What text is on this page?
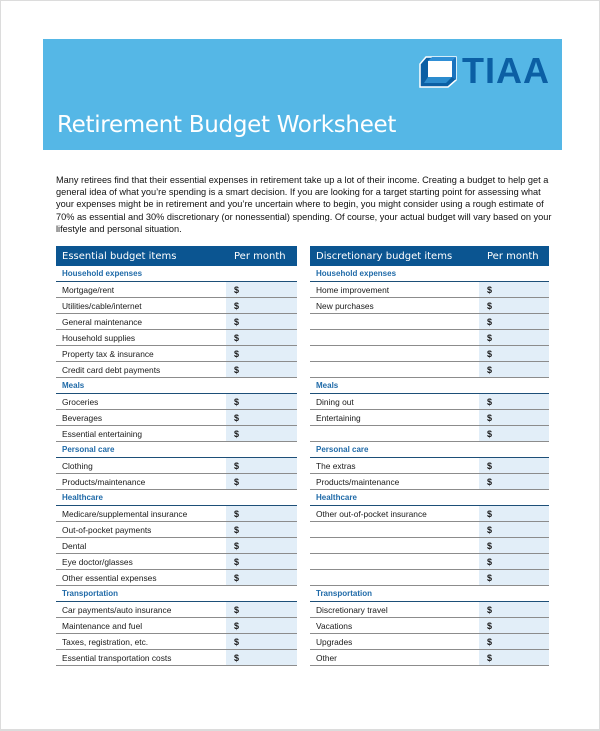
TIAA
Retirement Budget Worksheet
Many retirees find that their essential expenses in retirement take up a lot of their income. Creating a budget to help get a general idea of what you’re spending is a smart decision. If you are looking for a target starting point for assessing what your expenses might be in retirement and you’re uncertain where to begin, you might consider using a rough estimate of 70% as essential and 30% discretionary (or nonessential) spending. Of course, your actual budget will vary based on your lifestyle and personal situation.
Essential budget items	Per month
Household expenses	
Mortgage/rent	$
Utilities/cable/internet	$
General maintenance	$
Household supplies	$
Property tax & insurance	$
Credit card debt payments	$
Meals	
Groceries	$
Beverages	$
Essential entertaining	$
Personal care	
Clothing	$
Products/maintenance	$
Healthcare	
Medicare/supplemental insurance	$
Out-of-pocket payments	$
Dental	$
Eye doctor/glasses	$
Other essential expenses	$
Transportation	
Car payments/auto insurance	$
Maintenance and fuel	$
Taxes, registration, etc.	$
Essential transportation costs	$
Discretionary budget items	Per month
Household expenses	
Home improvement	$
New purchases	$
	$
	$
	$
	$
Meals	
Dining out	$
Entertaining	$
	$
Personal care	
The extras	$
Products/maintenance	$
Healthcare	
Other out-of-pocket insurance	$
	$
	$
	$
	$
Transportation	
Discretionary travel	$
Vacations	$
Upgrades	$
Other	$
